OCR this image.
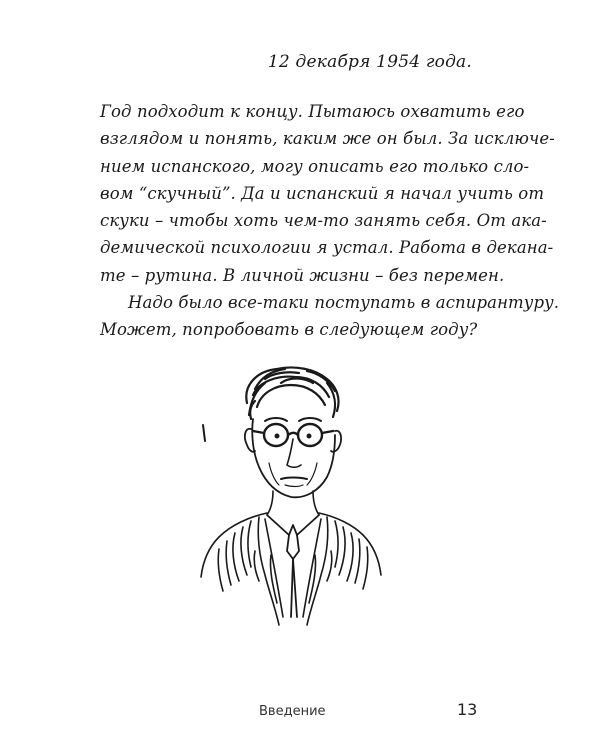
12 декабря 1954 года.
Год подходит к концу. Пытаюсь охватить его
взглядом и понять, каким же он был. За исключе-
нием испанского, могу описать его только сло-
вом “скучный”. Да и испанский я начал учить от
скуки – чтобы хоть чем-то занять себя. От ака-
демической психологии я устал. Работа в декана-
те – рутина. В личной жизни – без перемен.
Надо было все-таки поступать в аспирантуру.
Может, попробовать в следующем году?
Введение	13
